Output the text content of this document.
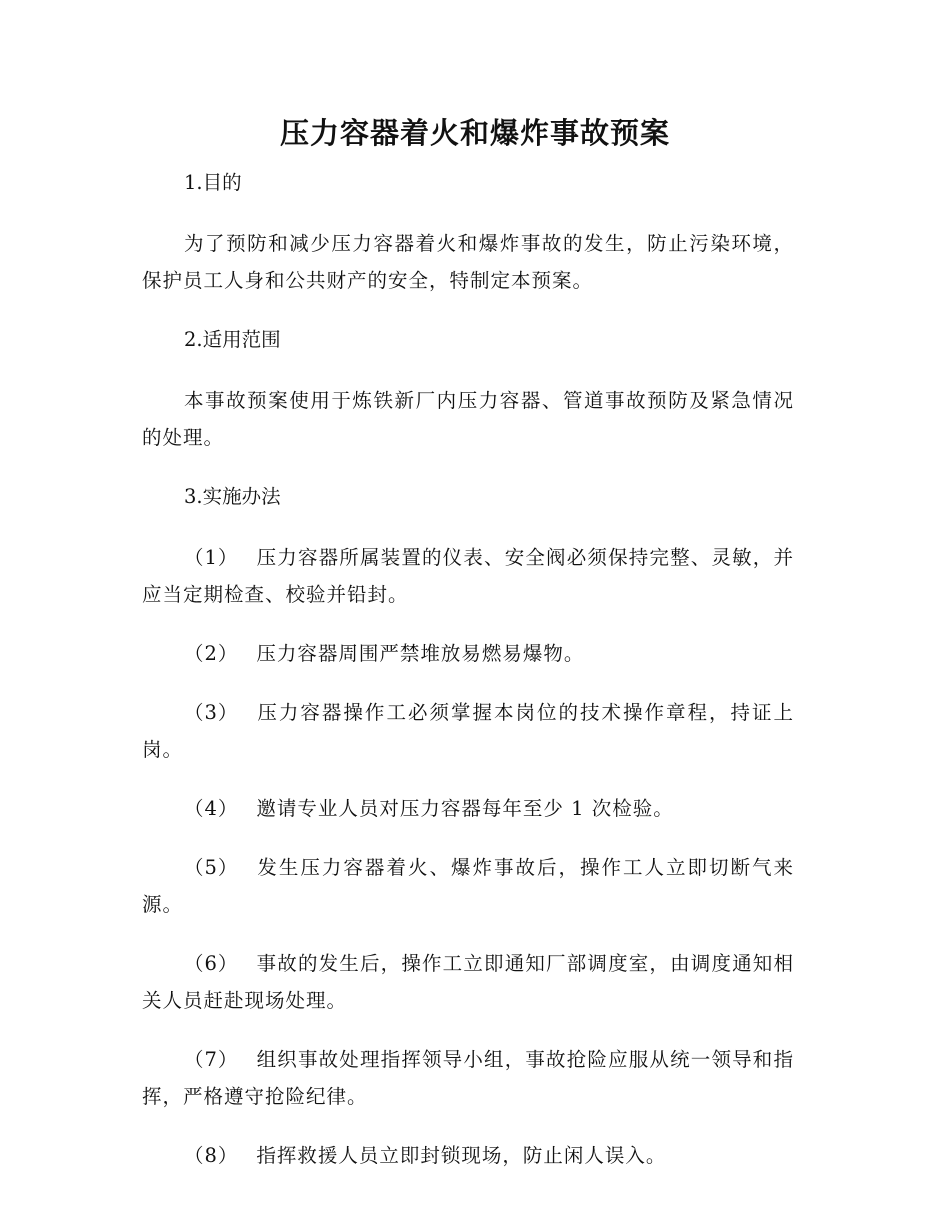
压力容器着火和爆炸事故预案

1.目的

为了预防和减少压力容器着火和爆炸事故的发生，防止污染环境，保护员工人身和公共财产的安全，特制定本预案。

2.适用范围

本事故预案使用于炼铁新厂内压力容器、管道事故预防及紧急情况的处理。

3.实施办法

（1） 压力容器所属装置的仪表、安全阀必须保持完整、灵敏，并应当定期检查、校验并铅封。

（2） 压力容器周围严禁堆放易燃易爆物。

（3） 压力容器操作工必须掌握本岗位的技术操作章程，持证上岗。

（4） 邀请专业人员对压力容器每年至少 1 次检验。

（5） 发生压力容器着火、爆炸事故后，操作工人立即切断气来源。

（6） 事故的发生后，操作工立即通知厂部调度室，由调度通知相关人员赶赴现场处理。

（7） 组织事故处理指挥领导小组，事故抢险应服从统一领导和指挥，严格遵守抢险纪律。

（8） 指挥救援人员立即封锁现场，防止闲人误入。
